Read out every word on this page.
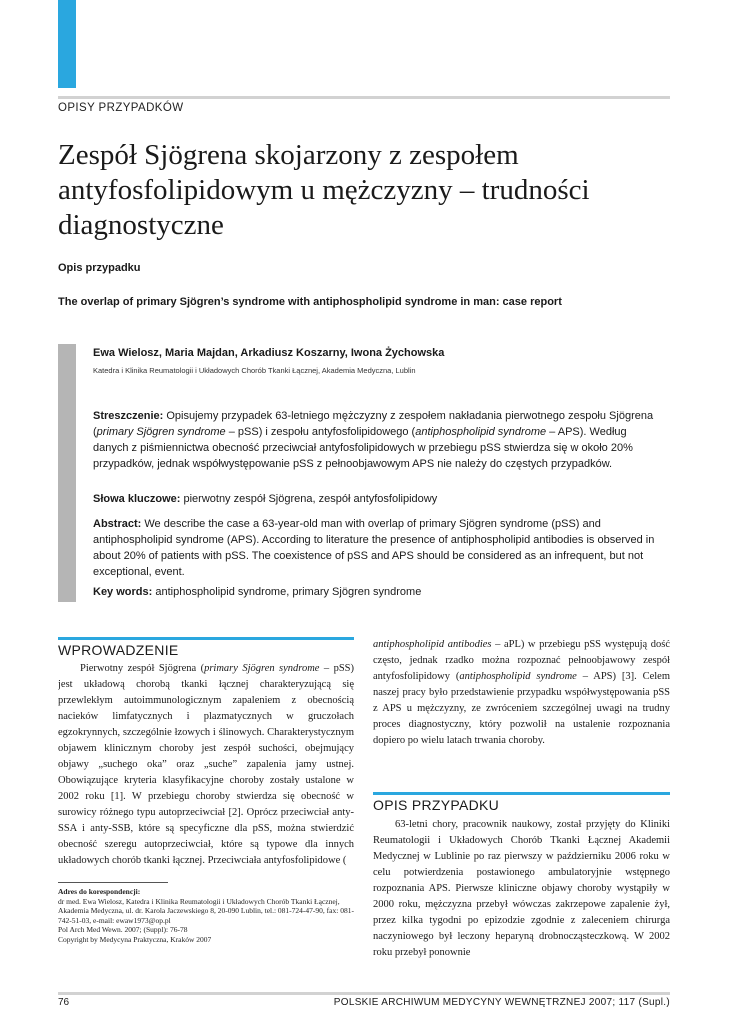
OPISY PRZYPADKÓW
Zespół Sjögrena skojarzony z zespołem antyfosfolipidowym u mężczyzny – trudności diagnostyczne
Opis przypadku
The overlap of primary Sjögren’s syndrome with antiphospholipid syndrome in man: case report
Ewa Wielosz, Maria Majdan, Arkadiusz Koszarny, Iwona Żychowska
Katedra i Klinika Reumatologii i Układowych Chorób Tkanki Łącznej, Akademia Medyczna, Lublin
Streszczenie: Opisujemy przypadek 63-letniego mężczyzny z zespołem nakładania pierwotnego zespołu Sjögrena (primary Sjögren syndrome – pSS) i zespołu antyfosfolipidowego (antiphospholipid syndrome – APS). Według danych z piśmiennictwa obecność przeciwciał antyfosfolipidowych w przebiegu pSS stwierdza się w około 20% przypadków, jednak współwystępowanie pSS z pełnoobjawowym APS nie należy do częstych przypadków.
Słowa kluczowe: pierwotny zespół Sjögrena, zespół antyfosfolipidowy
Abstract: We describe the case a 63-year-old man with overlap of primary Sjögren syndrome (pSS) and antiphospholipid syndrome (APS). According to literature the presence of antiphospholipid antibodies is observed in about 20% of patients with pSS. The coexistence of pSS and APS should be considered as an infrequent, but not exceptional, event.
Key words: antiphospholipid syndrome, primary Sjögren syndrome
WPROWADZENIE

Pierwotny zespół Sjögrena (primary Sjögren syndrome – pSS) jest układową chorobą tkanki łącznej charakteryzującą się przewlekłym autoimmunologicznym zapaleniem z obecnością nacieków limfatycznych i plazmatycznych w gruczołach egzokrynnych, szczególnie łzowych i ślinowych. Charakterystycznym objawem klinicznym choroby jest zespół suchości, obejmujący objawy „suchego oka” oraz „suche” zapalenia jamy ustnej. Obowiązujące kryteria klasyfikacyjne choroby zostały ustalone w 2002 roku [1]. W przebiegu choroby stwierdza się obecność w surowicy różnego typu autoprzeciwciał [2]. Oprócz przeciwciał anty-SSA i anty-SSB, które są specyficzne dla pSS, można stwierdzić obecność szeregu autoprzeciwciał, które są typowe dla innych układowych chorób tkanki łącznej. Przeciwciała antyfosfolipidowe (

antiphospholipid antibodies – aPL) w przebiegu pSS występują dość często, jednak rzadko można rozpoznać pełnoobjawowy zespół antyfosfolipidowy (antiphospholipid syndrome – APS) [3]. Celem naszej pracy było przedstawienie przypadku współwystępowania pSS z APS u mężczyzny, ze zwróceniem szczególnej uwagi na trudny proces diagnostyczny, który pozwolił na ustalenie rozpoznania dopiero po wielu latach trwania choroby.

OPIS PRZYPADKU

63-letni chory, pracownik naukowy, został przyjęty do Kliniki Reumatologii i Układowych Chorób Tkanki Łącznej Akademii Medycznej w Lublinie po raz pierwszy w październiku 2006 roku w celu potwierdzenia postawionego ambulatoryjnie wstępnego rozpoznania APS. Pierwsze kliniczne objawy choroby wystąpiły w 2000 roku, mężczyzna przebył wówczas zakrzepowe zapalenie żył, przez kilka tygodni po epizodzie zgodnie z zaleceniem chirurga naczyniowego był leczony heparyną drobnocząsteczkową. W 2002 roku przebył ponownie

Adres do korespondencji:
dr med. Ewa Wielosz, Katedra i Klinika Reumatologii i Układowych Chorób Tkanki Łącznej, Akademia Medyczna, ul. dr. Karola Jaczewskiego 8, 20-090 Lublin, tel.: 081-724-47-90, fax: 081-742-51-03, e-mail: ewaw1973@op.pl
Pol Arch Med Wewn. 2007; (Suppl): 76-78
Copyright by Medycyna Praktyczna, Kraków 2007
76	POLSKIE ARCHIWUM MEDYCYNY WEWNĘTRZNEJ 2007; 117 (Supl.)
